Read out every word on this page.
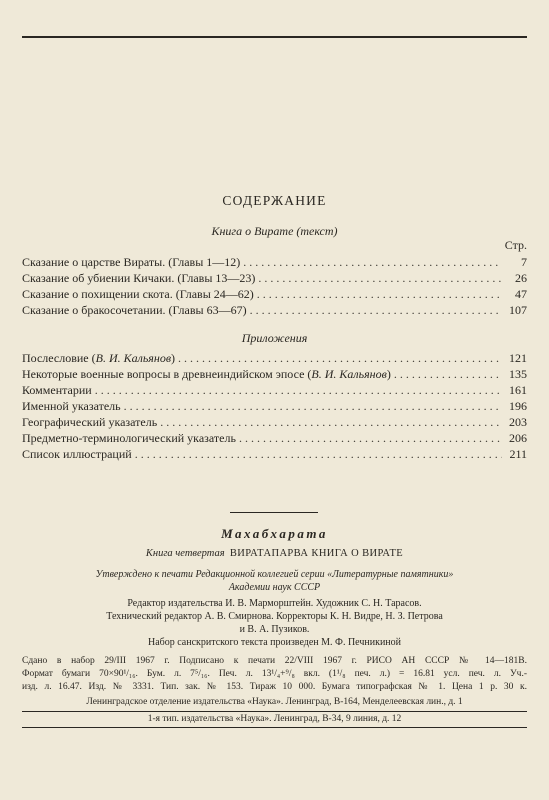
СОДЕРЖАНИЕ
Книга о Вирате (текст)
Стр.
Сказание о царстве Вираты. (Главы 1—12) . . .	7
Сказание об убиении Кичаки. (Главы 13—23) . . .	26
Сказание о похищении скота. (Главы 24—62) . . .	47
Сказание о бракосочетании. (Главы 63—67) . . .	107
Приложения
Послесловие (В. И. Кальянов) . . .	121
Некоторые военные вопросы в древнеиндийском эпосе (В. И. Кальянов) . . .	135
Комментарии . . .	161
Именной указатель . . .	196
Географический указатель . . .	203
Предметно-терминологический указатель . . .	206
Список иллюстраций . . .	211
Махабхарата
Книга четвертая ВИРАТАПАРВА КНИГА О ВИРАТЕ
Утверждено к печати Редакционной коллегией серии «Литературные памятники»
Академии наук СССР
Редактор издательства И. В. Марморштейн. Художник С. Н. Тарасов.
Технический редактор А. В. Смирнова. Корректоры К. Н. Видре, Н. З. Петрова
и В. А. Пузиков.
Набор санскритского текста произведен М. Ф. Печникиной
Сдано в набор 29/III 1967 г. Подписано к печати 22/VIII 1967 г. РИСО АН СССР № 14—181В.
Формат бумаги 70×90¹/₁₆. Бум. л. 7⁵/₁₆. Печ. л. 13¹/₄+⁹/₈ вкл. (1¹/₈ печ. л.) = 16.81 усл. печ. л. Уч.-
изд. л. 16.47. Изд. № 3331. Тип. зак. № 153. Тираж 10 000. Бумага типографская № 1. Цена 1 р. 30 к.
Ленинградское отделение издательства «Наука». Ленинград, В-164, Менделеевская лин., д. 1
1-я тип. издательства «Наука». Ленинград, В-34, 9 линия, д. 12
